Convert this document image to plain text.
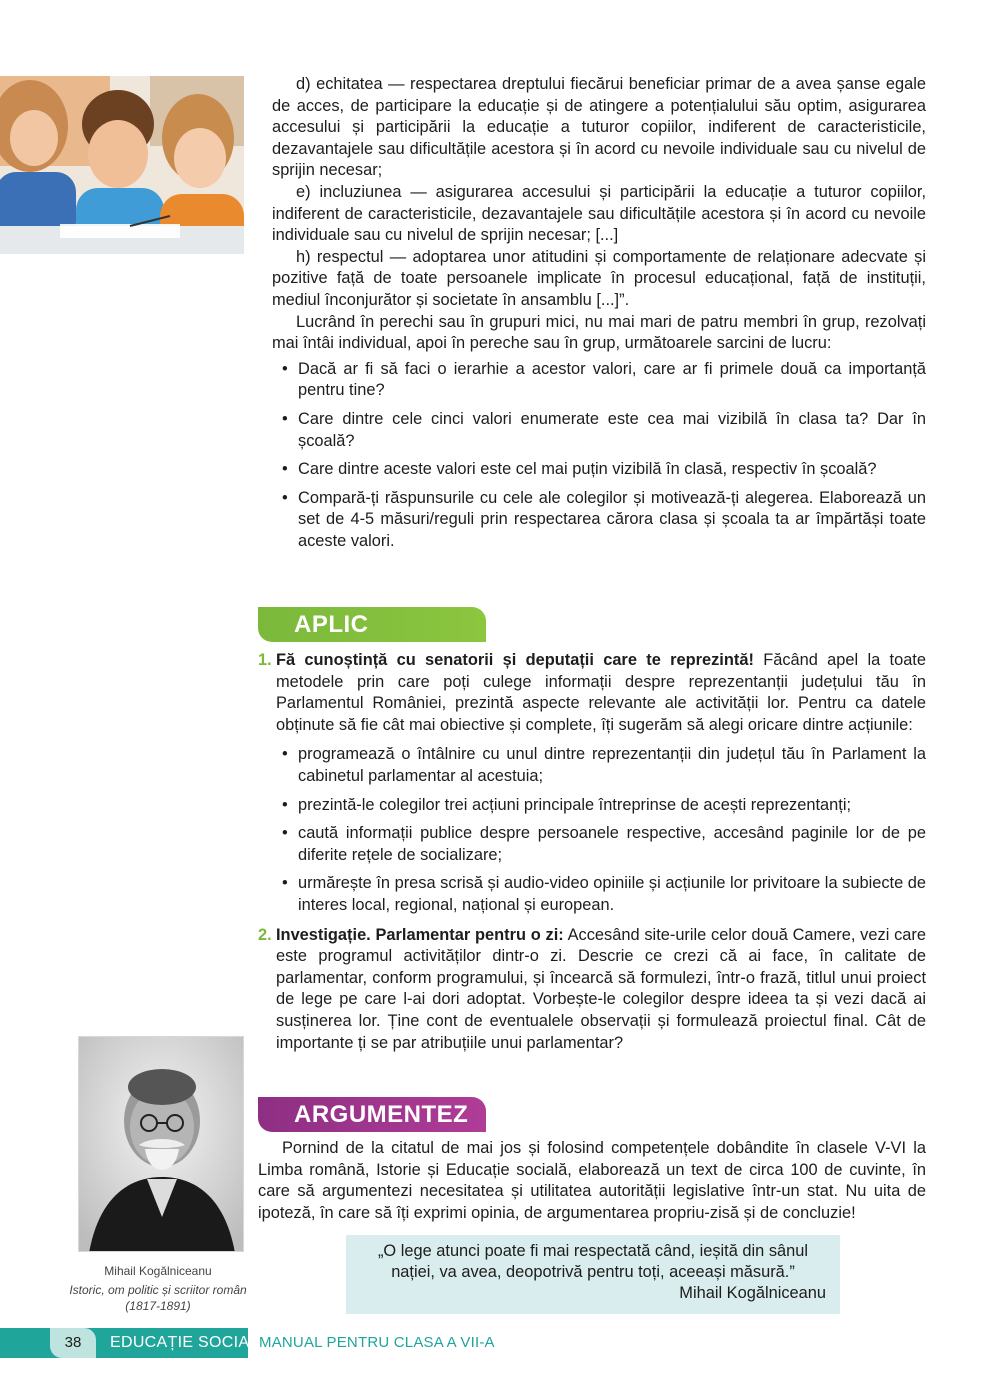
d) echitatea — respectarea dreptului fiecărui beneficiar primar de a avea șanse egale de acces, de participare la educație și de atingere a potențialului său optim, asigurarea accesului și participării la educație a tuturor copiilor, indiferent de caracteristicile, dezavantajele sau dificultățile acestora și în acord cu nevoile individuale sau cu nivelul de sprijin necesar;

e) incluziunea — asigurarea accesului și participării la educație a tuturor copiilor, indiferent de caracteristicile, dezavantajele sau dificultățile acestora și în acord cu nevoile individuale sau cu nivelul de sprijin necesar; [...]

h) respectul — adoptarea unor atitudini și comportamente de relaționare adecvate și pozitive față de toate persoanele implicate în procesul educațional, față de instituții, mediul înconjurător și societate în ansamblu [...]”.

Lucrând în perechi sau în grupuri mici, nu mai mari de patru membri în grup, rezolvați mai întâi individual, apoi în pereche sau în grup, următoarele sarcini de lucru:

• Dacă ar fi să faci o ierarhie a acestor valori, care ar fi primele două ca importanță pentru tine?
• Care dintre cele cinci valori enumerate este cea mai vizibilă în clasa ta? Dar în școală?
• Care dintre aceste valori este cel mai puțin vizibilă în clasă, respectiv în școală?
• Compară-ți răspunsurile cu cele ale colegilor și motivează-ți alegerea. Elaborează un set de 4-5 măsuri/reguli prin respectarea cărora clasa și școala ta ar împărtăși toate aceste valori.
APLIC
1. Fă cunoștință cu senatorii și deputații care te reprezintă! Făcând apel la toate metodele prin care poți culege informații despre reprezentanții județului tău în Parlamentul României, prezintă aspecte relevante ale activității lor. Pentru ca datele obținute să fie cât mai obiective și complete, îți sugerăm să alegi oricare dintre acțiunile:
• programează o întâlnire cu unul dintre reprezentanții din județul tău în Parlament la cabinetul parlamentar al acestuia;
• prezintă-le colegilor trei acțiuni principale întreprinse de acești reprezentanți;
• caută informații publice despre persoanele respective, accesând paginile lor de pe diferite rețele de socializare;
• urmărește în presa scrisă și audio-video opiniile și acțiunile lor privitoare la subiecte de interes local, regional, național și european.
2. Investigație. Parlamentar pentru o zi: Accesând site-urile celor două Camere, vezi care este programul activităților dintr-o zi. Descrie ce crezi că ai face, în calitate de parlamentar, conform programului, și încearcă să formulezi, într-o frază, titlul unui proiect de lege pe care l-ai dori adoptat. Vorbește-le colegilor despre ideea ta și vezi dacă ai susținerea lor. Ține cont de eventualele observații și formulează proiectul final. Cât de importante ți se par atribuțiile unui parlamentar?
ARGUMENTEZ

Pornind de la citatul de mai jos și folosind competențele dobândite în clasele V-VI la Limba română, Istorie și Educație socială, elaborează un text de circa 100 de cuvinte, în care să argumentezi necesitatea și utilitatea autorității legislative într-un stat. Nu uita de ipoteză, în care să îți exprimi opinia, de argumentarea propriu-zisă și de concluzie!

Mihail Kogălniceanu
Istoric, om politic și scriitor român
(1817-1891)
„O lege atunci poate fi mai respectată când, ieșită din sânul
nației, va avea, deopotrivă pentru toți, aceeași măsură.”
Mihail Kogălniceanu
38	EDUCAȚIE SOCIALĂ
MANUAL PENTRU CLASA A VII-A
